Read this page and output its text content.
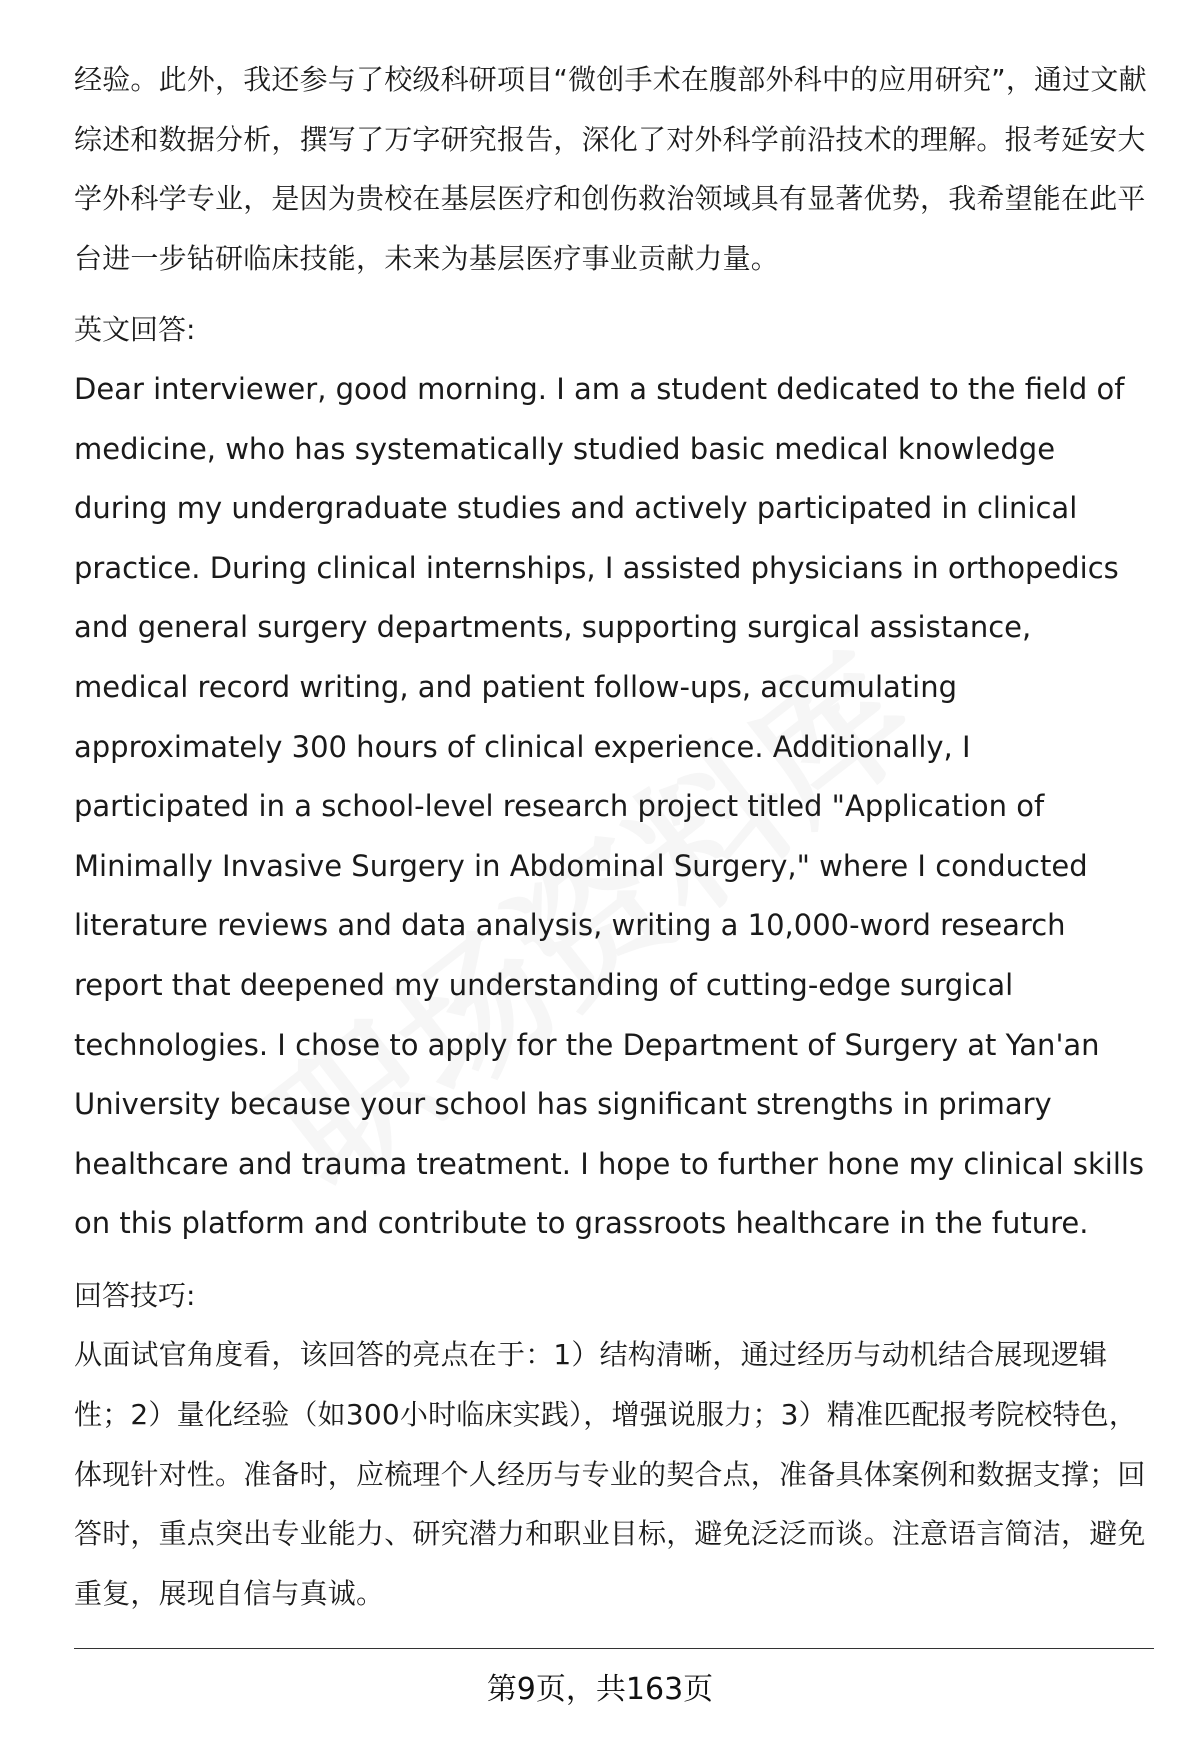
经验。此外，我还参与了校级科研项目“微创手术在腹部外科中的应用研究”，通过文献综述和数据分析，撰写了万字研究报告，深化了对外科学前沿技术的理解。报考延安大学外科学专业，是因为贵校在基层医疗和创伤救治领域具有显著优势，我希望能在此平台进一步钻研临床技能，未来为基层医疗事业贡献力量。

英文回答:

Dear interviewer, good morning. I am a student dedicated to the field of medicine, who has systematically studied basic medical knowledge during my undergraduate studies and actively participated in clinical practice. During clinical internships, I assisted physicians in orthopedics and general surgery departments, supporting surgical assistance, medical record writing, and patient follow-ups, accumulating approximately 300 hours of clinical experience. Additionally, I participated in a school-level research project titled "Application of Minimally Invasive Surgery in Abdominal Surgery," where I conducted literature reviews and data analysis, writing a 10,000-word research report that deepened my understanding of cutting-edge surgical technologies. I chose to apply for the Department of Surgery at Yan'an University because your school has significant strengths in primary healthcare and trauma treatment. I hope to further hone my clinical skills on this platform and contribute to grassroots healthcare in the future.

回答技巧:

从面试官角度看，该回答的亮点在于：1）结构清晰，通过经历与动机结合展现逻辑性；2）量化经验（如300小时临床实践），增强说服力；3）精准匹配报考院校特色，体现针对性。准备时，应梳理个人经历与专业的契合点，准备具体案例和数据支撑；回答时，重点突出专业能力、研究潜力和职业目标，避免泛泛而谈。注意语言简洁，避免重复，展现自信与真诚。

第9页，共163页
